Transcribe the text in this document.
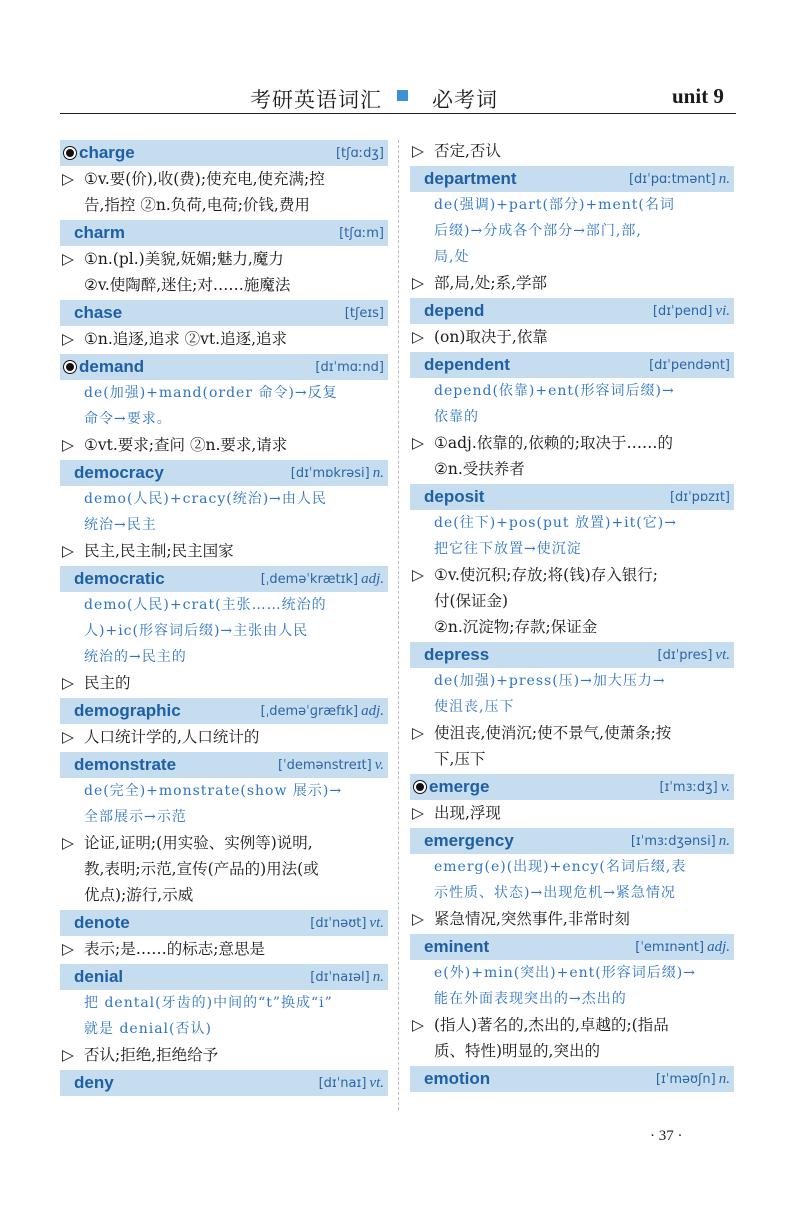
考研英语词汇 必考词	unit 9
charge	[tʃɑːdʒ]
▷ ①v.要(价),收(费);使充电,使充满;控
告,指控 ②n.负荷,电荷;价钱,费用
charm	[tʃɑːm]
▷ ①n.(pl.)美貌,妩媚;魅力,魔力
②v.使陶醉,迷住;对……施魔法
chase	[tʃeɪs]
▷ ①n.追逐,追求 ②vt.追逐,追求
demand	[dɪˈmɑːnd]
de(加强)+mand(order 命令)→反复
命令→要求。
▷ ①vt.要求;查问 ②n.要求,请求
democracy	[dɪˈmɒkrəsi] n.
demo(人民)+cracy(统治)→由人民
统治→民主
▷ 民主,民主制;民主国家
democratic	[ˌdeməˈkrætɪk] adj.
demo(人民)+crat(主张……统治的
人)+ic(形容词后缀)→主张由人民
统治的→民主的
▷ 民主的
demographic	[ˌdeməˈɡræfɪk] adj.
▷ 人口统计学的,人口统计的
demonstrate	[ˈdemənstreɪt] v.
de(完全)+monstrate(show 展示)→
全部展示→示范
▷ 论证,证明;(用实验、实例等)说明,
教,表明;示范,宣传(产品的)用法(或
优点);游行,示威
denote	[dɪˈnəʊt] vt.
▷ 表示;是……的标志;意思是
denial	[dɪˈnaɪəl] n.
把 dental(牙齿的)中间的“t”换成“i”
就是 denial(否认)
▷ 否认;拒绝,拒绝给予
deny	[dɪˈnaɪ] vt.
▷ 否定,否认
department	[dɪˈpɑːtmənt] n.
de(强调)+part(部分)+ment(名词
后缀)→分成各个部分→部门,部,
局,处
▷ 部,局,处;系,学部
depend	[dɪˈpend] vi.
▷ (on)取决于,依靠
dependent	[dɪˈpendənt]
depend(依靠)+ent(形容词后缀)→
依靠的
▷ ①adj.依靠的,依赖的;取决于……的
②n.受扶养者
deposit	[dɪˈpɒzɪt]
de(往下)+pos(put 放置)+it(它)→
把它往下放置→使沉淀
▷ ①v.使沉积;存放;将(钱)存入银行;
付(保证金)
②n.沉淀物;存款;保证金
depress	[dɪˈpres] vt.
de(加强)+press(压)→加大压力→
使沮丧,压下
▷ 使沮丧,使消沉;使不景气,使萧条;按
下,压下
emerge	[ɪˈmɜːdʒ] v.
▷ 出现,浮现
emergency	[ɪˈmɜːdʒənsi] n.
emerg(e)(出现)+ency(名词后缀,表
示性质、状态)→出现危机→紧急情况
▷ 紧急情况,突然事件,非常时刻
eminent	[ˈemɪnənt] adj.
e(外)+min(突出)+ent(形容词后缀)→
能在外面表现突出的→杰出的
▷ (指人)著名的,杰出的,卓越的;(指品
质、特性)明显的,突出的
emotion	[ɪˈməʊʃn] n.
· 37 ·
